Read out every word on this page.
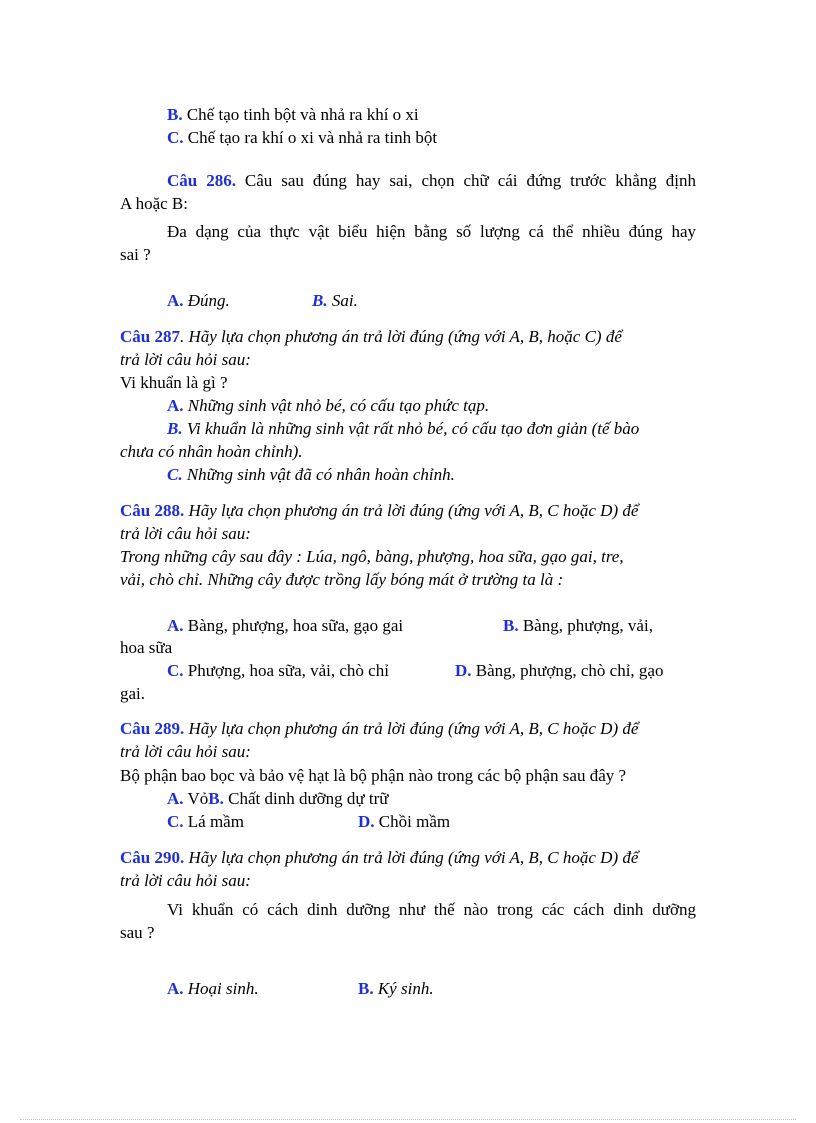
B. Chế tạo tinh bột và nhả ra khí o xi
C. Chế tạo ra khí o xi và nhả ra tinh bột
Câu 286. Câu sau đúng hay sai, chọn chữ cái đứng trước khẳng định
A hoặc B:
Đa dạng của thực vật biểu hiện bằng số lượng cá thể nhiều đúng hay
sai ?
A. Đúng.	B. Sai.
Câu 287. Hãy lựa chọn phương án trả lời đúng (ứng với A, B, hoặc C) để
trả lời câu hỏi sau:
Vi khuẩn là gì ?
A. Những sinh vật nhỏ bé, có cấu tạo phức tạp.
B. Vi khuẩn là những sinh vật rất nhỏ bé, có cấu tạo đơn giản (tế bào
chưa có nhân hoàn chỉnh).
C. Những sinh vật đã có nhân hoàn chỉnh.
Câu 288. Hãy lựa chọn phương án trả lời đúng (ứng với A, B, C hoặc D) để
trả lời câu hỏi sau:
Trong những cây sau đây : Lúa, ngô, bàng, phượng, hoa sữa, gạo gai, tre,
vải, chò chỉ. Những cây được trồng lấy bóng mát ở trường ta là :
A. Bàng, phượng, hoa sữa, gạo gai	B. Bàng, phượng, vải,
hoa sữa
C. Phượng, hoa sữa, vải, chò chỉ	D. Bàng, phượng, chò chỉ, gạo
gai.
Câu 289. Hãy lựa chọn phương án trả lời đúng (ứng với A, B, C hoặc D) để
trả lời câu hỏi sau:
Bộ phận bao bọc và bảo vệ hạt là bộ phận nào trong các bộ phận sau đây ?
A. VỏB. Chất dinh dưỡng dự trữ
C. Lá mầm	D. Chồi mầm
Câu 290. Hãy lựa chọn phương án trả lời đúng (ứng với A, B, C hoặc D) để
trả lời câu hỏi sau:
Vi khuẩn có cách dinh dưỡng như thế nào trong các cách dinh dưỡng
sau ?
A. Hoại sinh.	B. Ký sinh.
